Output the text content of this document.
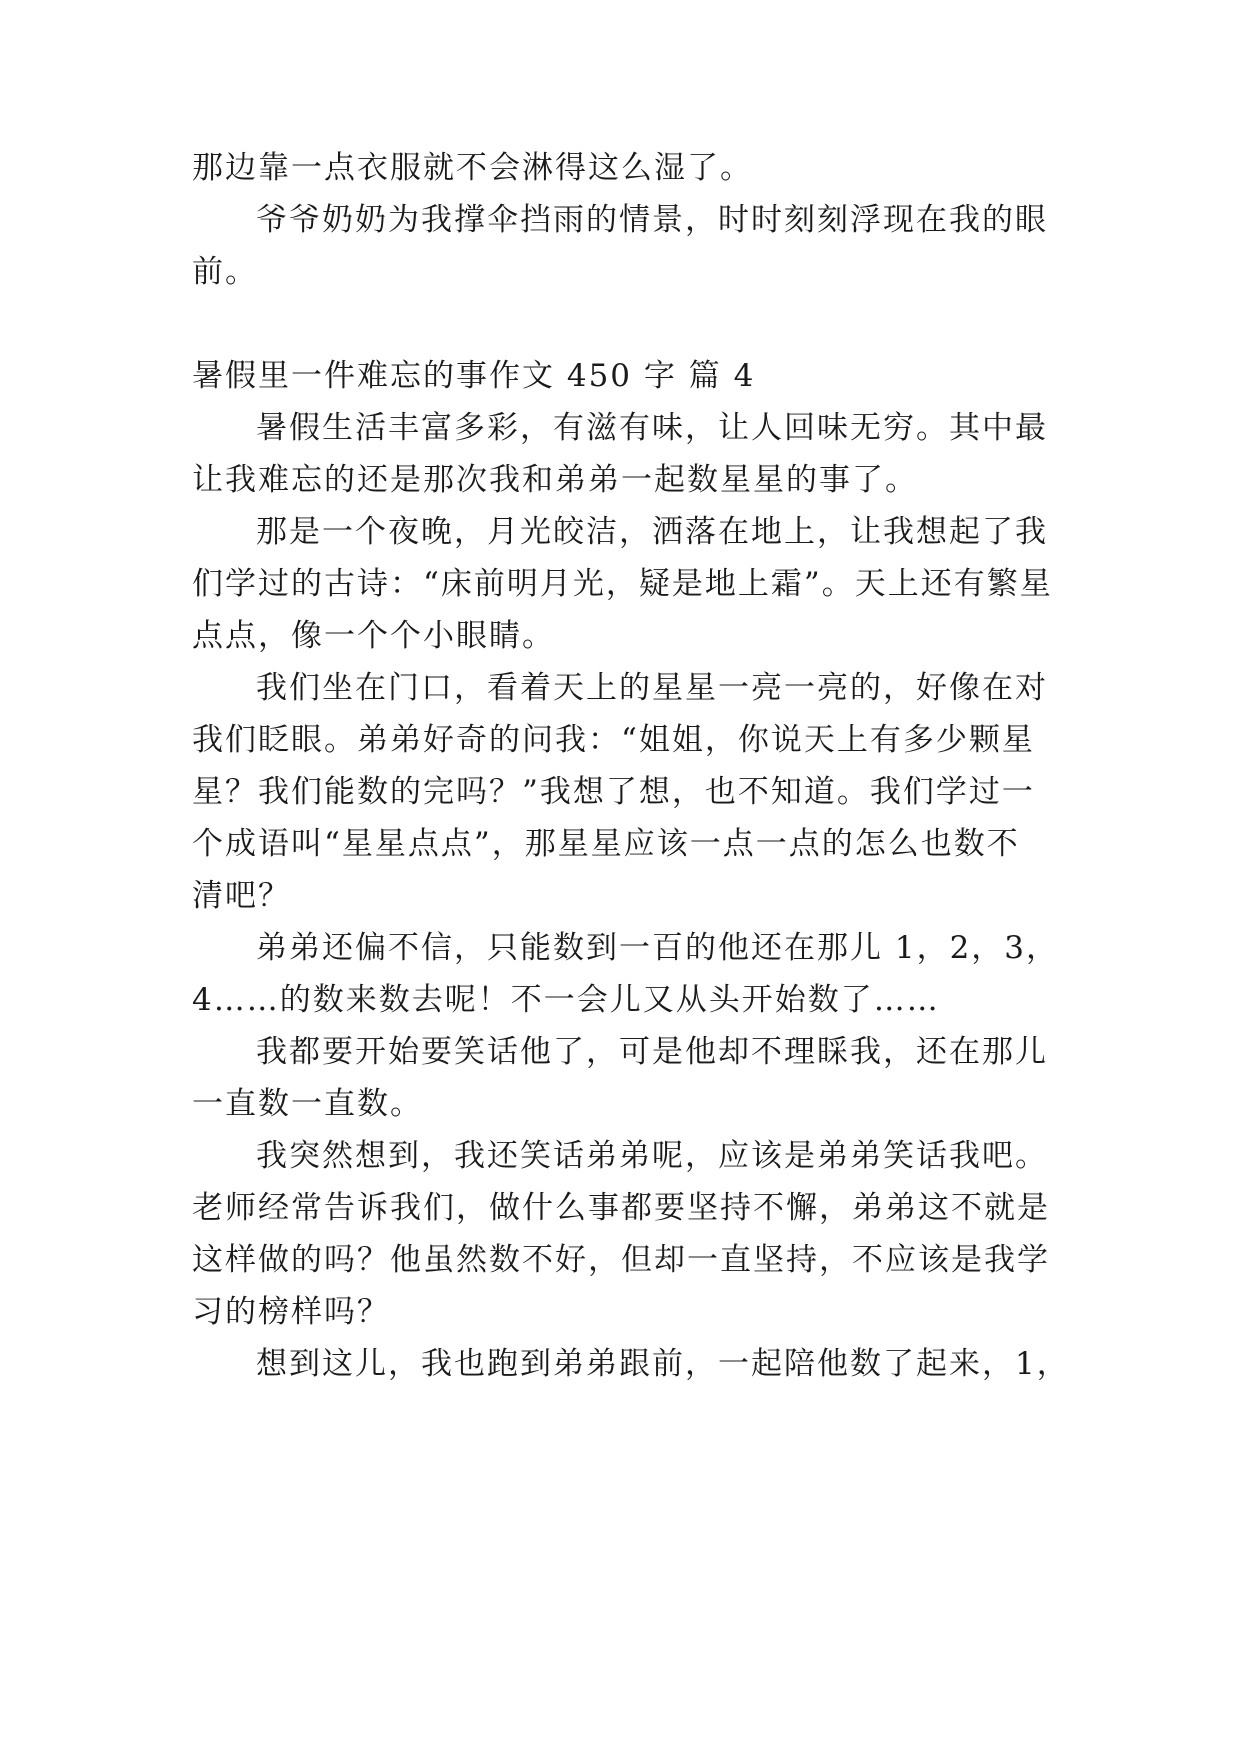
那边靠一点衣服就不会淋得这么湿了。
爷爷奶奶为我撑伞挡雨的情景，时时刻刻浮现在我的眼
前。
暑假里一件难忘的事作文 450 字 篇 4
暑假生活丰富多彩，有滋有味，让人回味无穷。其中最
让我难忘的还是那次我和弟弟一起数星星的事了。
那是一个夜晚，月光皎洁，洒落在地上，让我想起了我
们学过的古诗：“床前明月光，疑是地上霜”。天上还有繁星
点点，像一个个小眼睛。
我们坐在门口，看着天上的星星一亮一亮的，好像在对
我们眨眼。弟弟好奇的问我：“姐姐，你说天上有多少颗星
星？我们能数的完吗？”我想了想，也不知道。我们学过一
个成语叫“星星点点”，那星星应该一点一点的怎么也数不
清吧？
弟弟还偏不信，只能数到一百的他还在那儿 1，2，3，
4……的数来数去呢！不一会儿又从头开始数了……
我都要开始要笑话他了，可是他却不理睬我，还在那儿
一直数一直数。
我突然想到，我还笑话弟弟呢，应该是弟弟笑话我吧。
老师经常告诉我们，做什么事都要坚持不懈，弟弟这不就是
这样做的吗？他虽然数不好，但却一直坚持，不应该是我学
习的榜样吗？
想到这儿，我也跑到弟弟跟前，一起陪他数了起来，1，
